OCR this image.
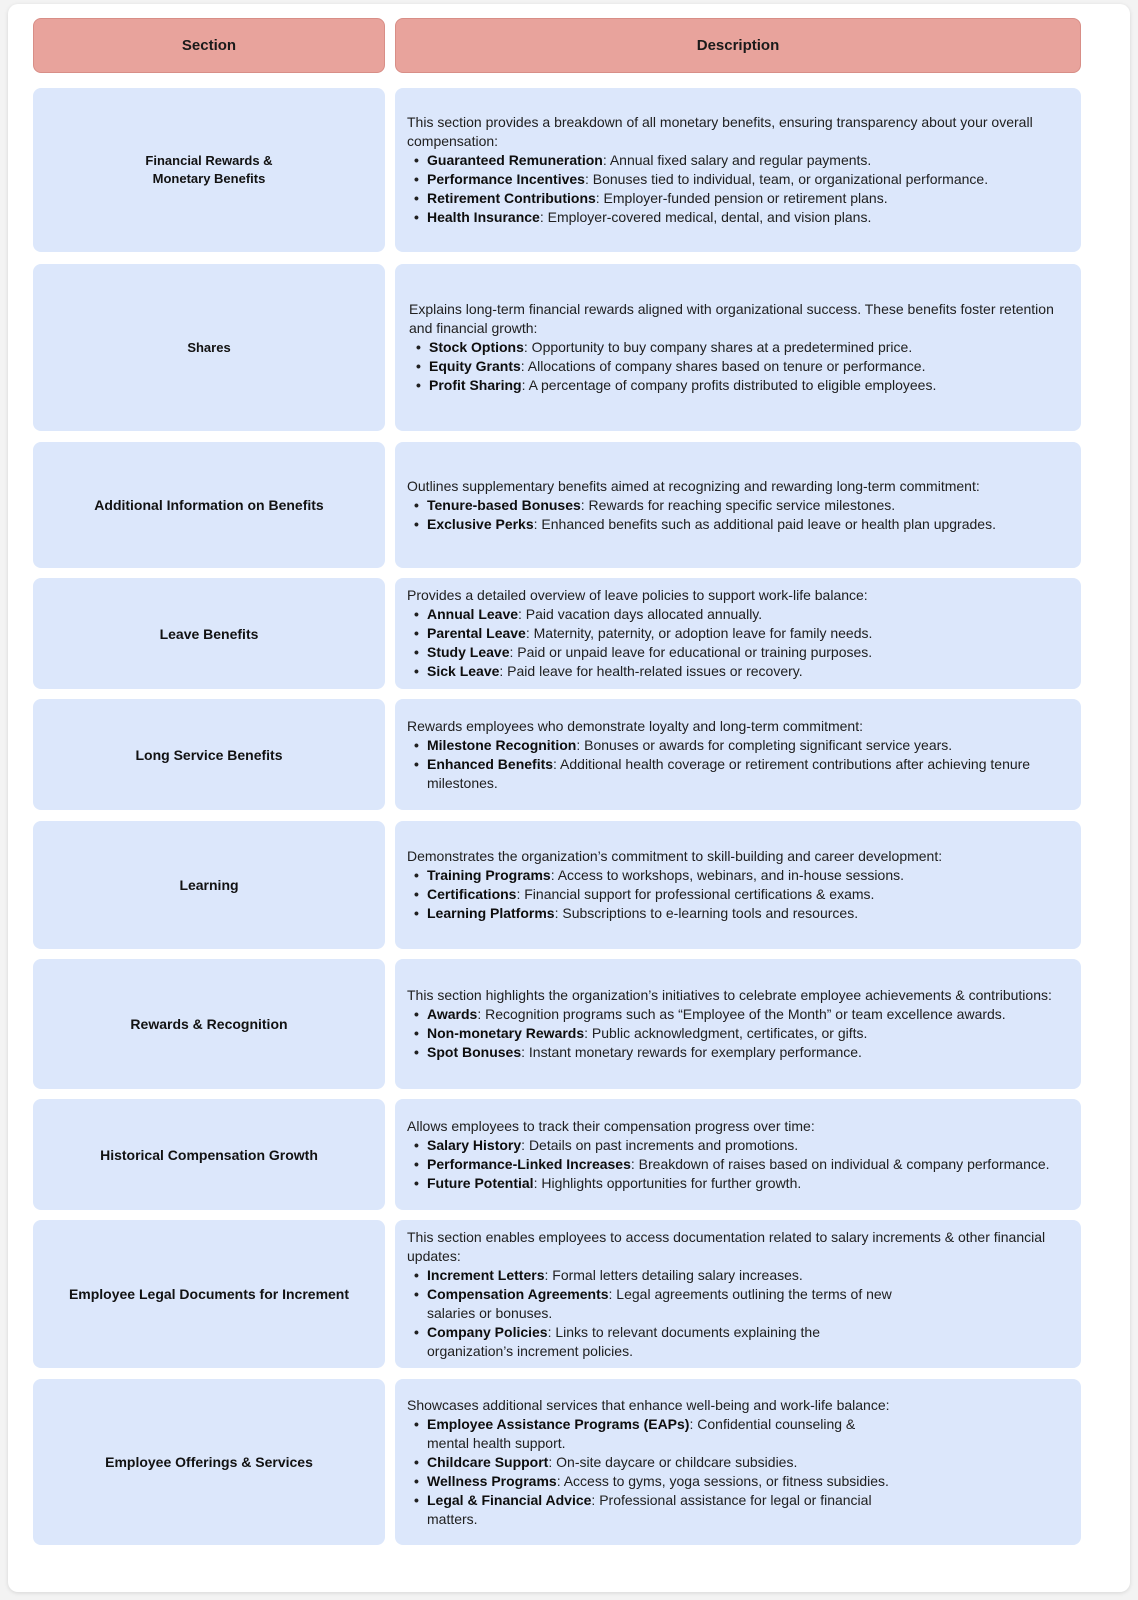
Section	Description
Financial Rewards & Monetary Benefits

This section provides a breakdown of all monetary benefits, ensuring transparency about your overall compensation:

• Guaranteed Remuneration: Annual fixed salary and regular payments.
• Performance Incentives: Bonuses tied to individual, team, or organizational performance.
• Retirement Contributions: Employer-funded pension or retirement plans.
• Health Insurance: Employer-covered medical, dental, and vision plans.
Shares

Explains long-term financial rewards aligned with organizational success. These benefits foster retention and financial growth:

• Stock Options: Opportunity to buy company shares at a predetermined price.
• Equity Grants: Allocations of company shares based on tenure or performance.
• Profit Sharing: A percentage of company profits distributed to eligible employees.
Additional Information on Benefits

Outlines supplementary benefits aimed at recognizing and rewarding long-term commitment:

• Tenure-based Bonuses: Rewards for reaching specific service milestones.
• Exclusive Perks: Enhanced benefits such as additional paid leave or health plan upgrades.
Leave Benefits

Provides a detailed overview of leave policies to support work-life balance:

• Annual Leave: Paid vacation days allocated annually.
• Parental Leave: Maternity, paternity, or adoption leave for family needs.
• Study Leave: Paid or unpaid leave for educational or training purposes.
• Sick Leave: Paid leave for health-related issues or recovery.
Long Service Benefits

Rewards employees who demonstrate loyalty and long-term commitment:

• Milestone Recognition: Bonuses or awards for completing significant service years.
• Enhanced Benefits: Additional health coverage or retirement contributions after achieving tenure milestones.
Learning

Demonstrates the organization’s commitment to skill-building and career development:

• Training Programs: Access to workshops, webinars, and in-house sessions.
• Certifications: Financial support for professional certifications & exams.
• Learning Platforms: Subscriptions to e-learning tools and resources.
Rewards & Recognition

This section highlights the organization’s initiatives to celebrate employee achievements & contributions:

• Awards: Recognition programs such as “Employee of the Month” or team excellence awards.
• Non-monetary Rewards: Public acknowledgment, certificates, or gifts.
• Spot Bonuses: Instant monetary rewards for exemplary performance.
Historical Compensation Growth

Allows employees to track their compensation progress over time:

• Salary History: Details on past increments and promotions.
• Performance-Linked Increases: Breakdown of raises based on individual & company performance.
• Future Potential: Highlights opportunities for further growth.
Employee Legal Documents for Increment

This section enables employees to access documentation related to salary increments & other financial updates:

• Increment Letters: Formal letters detailing salary increases.
• Compensation Agreements: Legal agreements outlining the terms of new salaries or bonuses.
• Company Policies: Links to relevant documents explaining the organization’s increment policies.
Employee Offerings & Services

Showcases additional services that enhance well-being and work-life balance:

• Employee Assistance Programs (EAPs): Confidential counseling & mental health support.
• Childcare Support: On-site daycare or childcare subsidies.
• Wellness Programs: Access to gyms, yoga sessions, or fitness subsidies.
• Legal & Financial Advice: Professional assistance for legal or financial matters.
